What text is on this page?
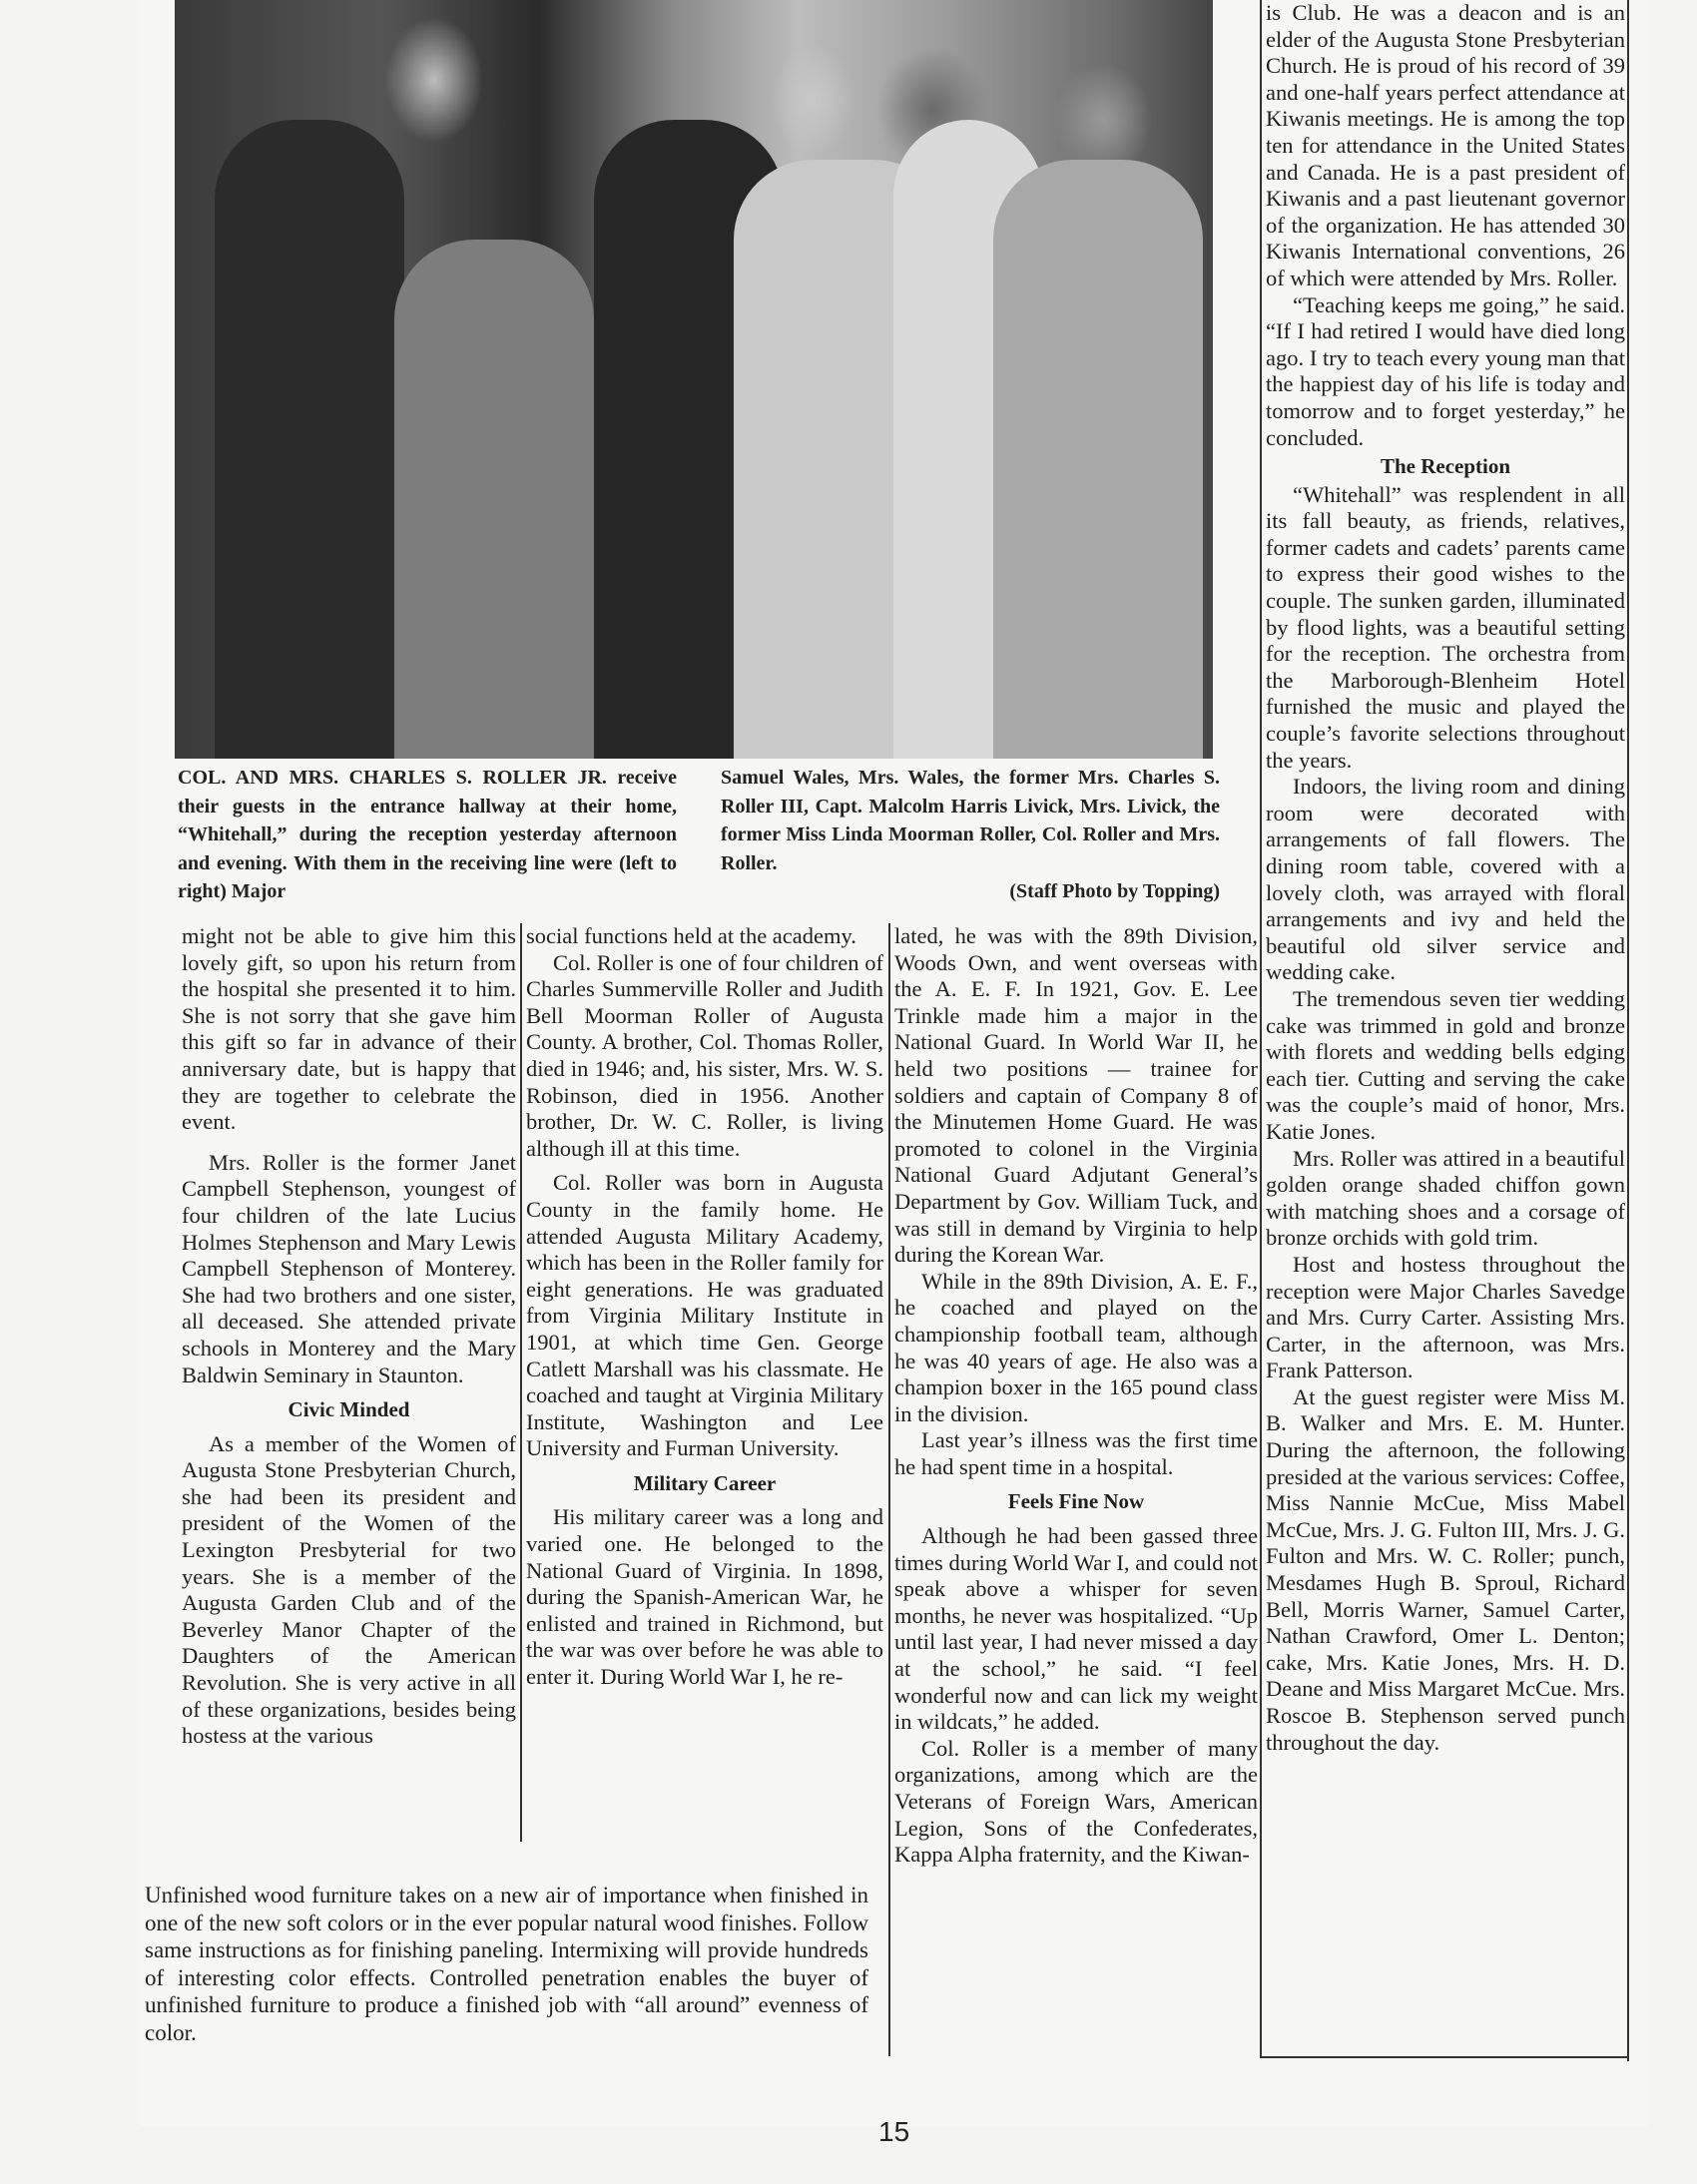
COL. AND MRS. CHARLES S. ROLLER JR. receive their guests in the entrance hallway at their home, “Whitehall,” during the reception yesterday afternoon and evening. With them in the receiving line were (left to right) Major
Samuel Wales, Mrs. Wales, the former Mrs. Charles S. Roller III, Capt. Malcolm Harris Livick, Mrs. Livick, the former Miss Linda Moorman Roller, Col. Roller and Mrs. Roller.
(Staff Photo by Topping)

might not be able to give him this lovely gift, so upon his return from the hospital she presented it to him. She is not sorry that she gave him this gift so far in advance of their anniversary date, but is happy that they are together to celebrate the event.

Mrs. Roller is the former Janet Campbell Stephenson, youngest of four children of the late Lucius Holmes Stephenson and Mary Lewis Campbell Stephenson of Monterey. She had two brothers and one sister, all deceased. She attended private schools in Monterey and the Mary Baldwin Seminary in Staunton.

Civic Minded

As a member of the Women of Augusta Stone Presbyterian Church, she had been its president and president of the Women of the Lexington Presbyterial for two years. She is a member of the Augusta Garden Club and of the Beverley Manor Chapter of the Daughters of the American Revolution. She is very active in all of these organizations, besides being hostess at the various

social functions held at the academy.

Col. Roller is one of four children of Charles Summerville Roller and Judith Bell Moorman Roller of Augusta County. A brother, Col. Thomas Roller, died in 1946; and, his sister, Mrs. W. S. Robinson, died in 1956. Another brother, Dr. W. C. Roller, is living although ill at this time.

Col. Roller was born in Augusta County in the family home. He attended Augusta Military Academy, which has been in the Roller family for eight generations. He was graduated from Virginia Military Institute in 1901, at which time Gen. George Catlett Marshall was his classmate. He coached and taught at Virginia Military Institute, Washington and Lee University and Furman University.

Military Career

His military career was a long and varied one. He belonged to the National Guard of Virginia. In 1898, during the Spanish-American War, he enlisted and trained in Richmond, but the war was over before he was able to enter it. During World War I, he re-

lated, he was with the 89th Division, Woods Own, and went overseas with the A. E. F. In 1921, Gov. E. Lee Trinkle made him a major in the National Guard. In World War II, he held two positions — trainee for soldiers and captain of Company 8 of the Minutemen Home Guard. He was promoted to colonel in the Virginia National Guard Adjutant General’s Department by Gov. William Tuck, and was still in demand by Virginia to help during the Korean War.

While in the 89th Division, A. E. F., he coached and played on the championship football team, although he was 40 years of age. He also was a champion boxer in the 165 pound class in the division.

Last year’s illness was the first time he had spent time in a hospital.

Feels Fine Now

Although he had been gassed three times during World War I, and could not speak above a whisper for seven months, he never was hospitalized. “Up until last year, I had never missed a day at the school,” he said. “I feel wonderful now and can lick my weight in wildcats,” he added.

Col. Roller is a member of many organizations, among which are the Veterans of Foreign Wars, American Legion, Sons of the Confederates, Kappa Alpha fraternity, and the Kiwan-

is Club. He was a deacon and is an elder of the Augusta Stone Presbyterian Church. He is proud of his record of 39 and one-half years perfect attendance at Kiwanis meetings. He is among the top ten for attendance in the United States and Canada. He is a past president of Kiwanis and a past lieutenant governor of the organization. He has attended 30 Kiwanis International conventions, 26 of which were attended by Mrs. Roller.

“Teaching keeps me going,” he said. “If I had retired I would have died long ago. I try to teach every young man that the happiest day of his life is today and tomorrow and to forget yesterday,” he concluded.

The Reception

“Whitehall” was resplendent in all its fall beauty, as friends, relatives, former cadets and cadets’ parents came to express their good wishes to the couple. The sunken garden, illuminated by flood lights, was a beautiful setting for the reception. The orchestra from the Marborough-Blenheim Hotel furnished the music and played the couple’s favorite selections throughout the years.

Indoors, the living room and dining room were decorated with arrangements of fall flowers. The dining room table, covered with a lovely cloth, was arrayed with floral arrangements and ivy and held the beautiful old silver service and wedding cake.

The tremendous seven tier wedding cake was trimmed in gold and bronze with florets and wedding bells edging each tier. Cutting and serving the cake was the couple’s maid of honor, Mrs. Katie Jones.

Mrs. Roller was attired in a beautiful golden orange shaded chiffon gown with matching shoes and a corsage of bronze orchids with gold trim.

Host and hostess throughout the reception were Major Charles Savedge and Mrs. Curry Carter. Assisting Mrs. Carter, in the afternoon, was Mrs. Frank Patterson.

At the guest register were Miss M. B. Walker and Mrs. E. M. Hunter. During the afternoon, the following presided at the various services: Coffee, Miss Nannie McCue, Miss Mabel McCue, Mrs. J. G. Fulton III, Mrs. J. G. Fulton and Mrs. W. C. Roller; punch, Mesdames Hugh B. Sproul, Richard Bell, Morris Warner, Samuel Carter, Nathan Crawford, Omer L. Denton; cake, Mrs. Katie Jones, Mrs. H. D. Deane and Miss Margaret McCue. Mrs. Roscoe B. Stephenson served punch throughout the day.

Unfinished wood furniture takes on a new air of importance when finished in one of the new soft colors or in the ever popular natural wood finishes. Follow same instructions as for finishing paneling. Intermixing will provide hundreds of interesting color effects. Controlled penetration enables the buyer of unfinished furniture to produce a finished job with “all around” evenness of color.
15
